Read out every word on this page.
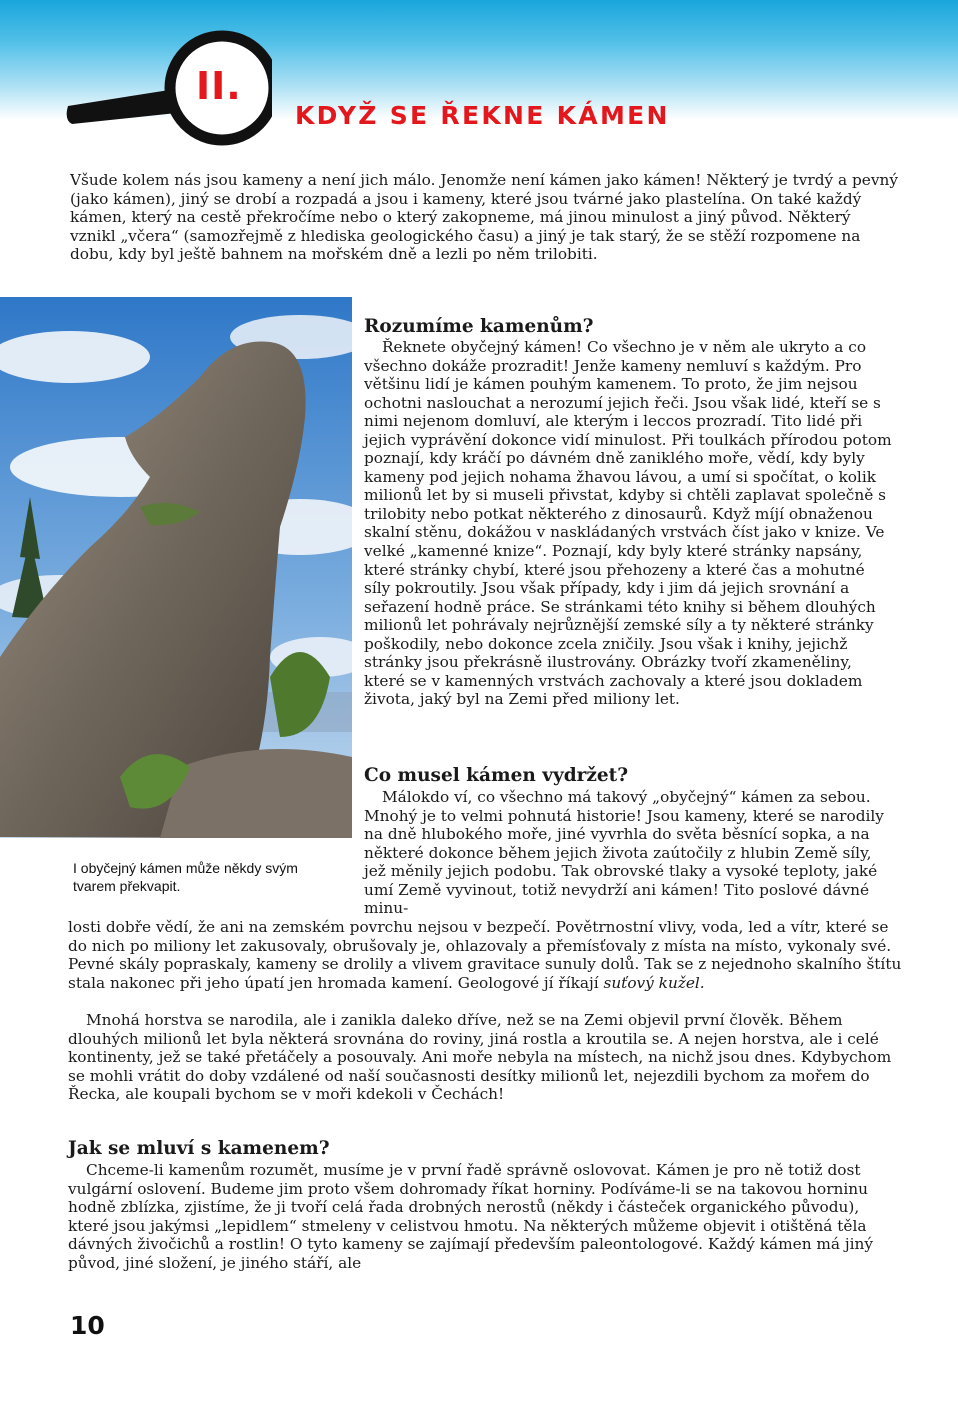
II.
KDYŽ SE ŘEKNE KÁMEN

Všude kolem nás jsou kameny a není jich málo. Jenomže není kámen jako kámen! Některý je tvrdý a pevný (jako kámen), jiný se drobí a rozpadá a jsou i kameny, které jsou tvárné jako plastelína. On také každý kámen, který na cestě překročíme nebo o který zakopneme, má jinou minulost a jiný původ. Některý vznikl „včera“ (samozřejmě z hlediska geologického času) a jiný je tak starý, že se stěží rozpomene na dobu, kdy byl ještě bahnem na mořském dně a lezli po něm trilobiti.

I obyčejný kámen může někdy svým tvarem překvapit.
Rozumíme kamenům?

Řeknete obyčejný kámen! Co všechno je v něm ale ukryto a co všechno dokáže prozradit! Jenže kameny nemluví s každým. Pro většinu lidí je kámen pouhým kamenem. To proto, že jim nejsou ochotni naslouchat a nerozumí jejich řeči. Jsou však lidé, kteří se s nimi nejenom domluví, ale kterým i leccos prozradí. Tito lidé při jejich vyprávění dokonce vidí minulost. Při toulkách přírodou potom poznají, kdy kráčí po dávném dně zaniklého moře, vědí, kdy byly kameny pod jejich nohama žhavou lávou, a umí si spočítat, o kolik milionů let by si museli přivstat, kdyby si chtěli zaplavat společně s trilobity nebo potkat některého z dinosaurů. Když míjí obnaženou skalní stěnu, dokážou v naskládaných vrstvách číst jako v knize. Ve velké „kamenné knize“. Poznají, kdy byly které stránky napsány, které stránky chybí, které jsou přehozeny a které čas a mohutné síly pokroutily. Jsou však případy, kdy i jim dá jejich srovnání a seřazení hodně práce. Se stránkami této knihy si během dlouhých milionů let pohrávaly nejrůznější zemské síly a ty některé stránky poškodily, nebo dokonce zcela zničily. Jsou však i knihy, jejichž stránky jsou překrásně ilustrovány. Obrázky tvoří zkameněliny, které se v kamenných vrstvách zachovaly a které jsou dokladem života, jaký byl na Zemi před miliony let.

Co musel kámen vydržet?

Málokdo ví, co všechno má takový „obyčejný“ kámen za sebou. Mnohý je to velmi pohnutá historie! Jsou kameny, které se narodily na dně hlubokého moře, jiné vyvrhla do světa běsnící sopka, a na některé dokonce během jejich života zaútočily z hlubin Země síly, jež měnily jejich podobu. Tak obrovské tlaky a vysoké teploty, jaké umí Země vyvinout, totiž nevydrží ani kámen! Tito poslové dávné minu-

losti dobře vědí, že ani na zemském povrchu nejsou v bezpečí. Povětrnostní vlivy, voda, led a vítr, které se do nich po miliony let zakusovaly, obrušovaly je, ohlazovaly a přemísťovaly z místa na místo, vykonaly své. Pevné skály popraskaly, kameny se drolily a vlivem gravitace sunuly dolů. Tak se z nejednoho skalního štítu stala nakonec při jeho úpatí jen hromada kamení. Geologové jí říkají suťový kužel.

Mnohá horstva se narodila, ale i zanikla daleko dříve, než se na Zemi objevil první člověk. Během dlouhých milionů let byla některá srovnána do roviny, jiná rostla a kroutila se. A nejen horstva, ale i celé kontinenty, jež se také přetáčely a posouvaly. Ani moře nebyla na místech, na nichž jsou dnes. Kdybychom se mohli vrátit do doby vzdálené od naší současnosti desítky milionů let, nejezdili bychom za mořem do Řecka, ale koupali bychom se v moři kdekoli v Čechách!

Jak se mluví s kamenem?

Chceme-li kamenům rozumět, musíme je v první řadě správně oslovovat. Kámen je pro ně totiž dost vulgární oslovení. Budeme jim proto všem dohromady říkat horniny. Podíváme-li se na takovou horninu hodně zblízka, zjistíme, že ji tvoří celá řada drobných nerostů (někdy i částeček organického původu), které jsou jakýmsi „lepidlem“ stmeleny v celistvou hmotu. Na některých můžeme objevit i otištěná těla dávných živočichů a rostlin! O tyto kameny se zajímají především paleontologové. Každý kámen má jiný původ, jiné složení, je jiného stáří, ale

10
